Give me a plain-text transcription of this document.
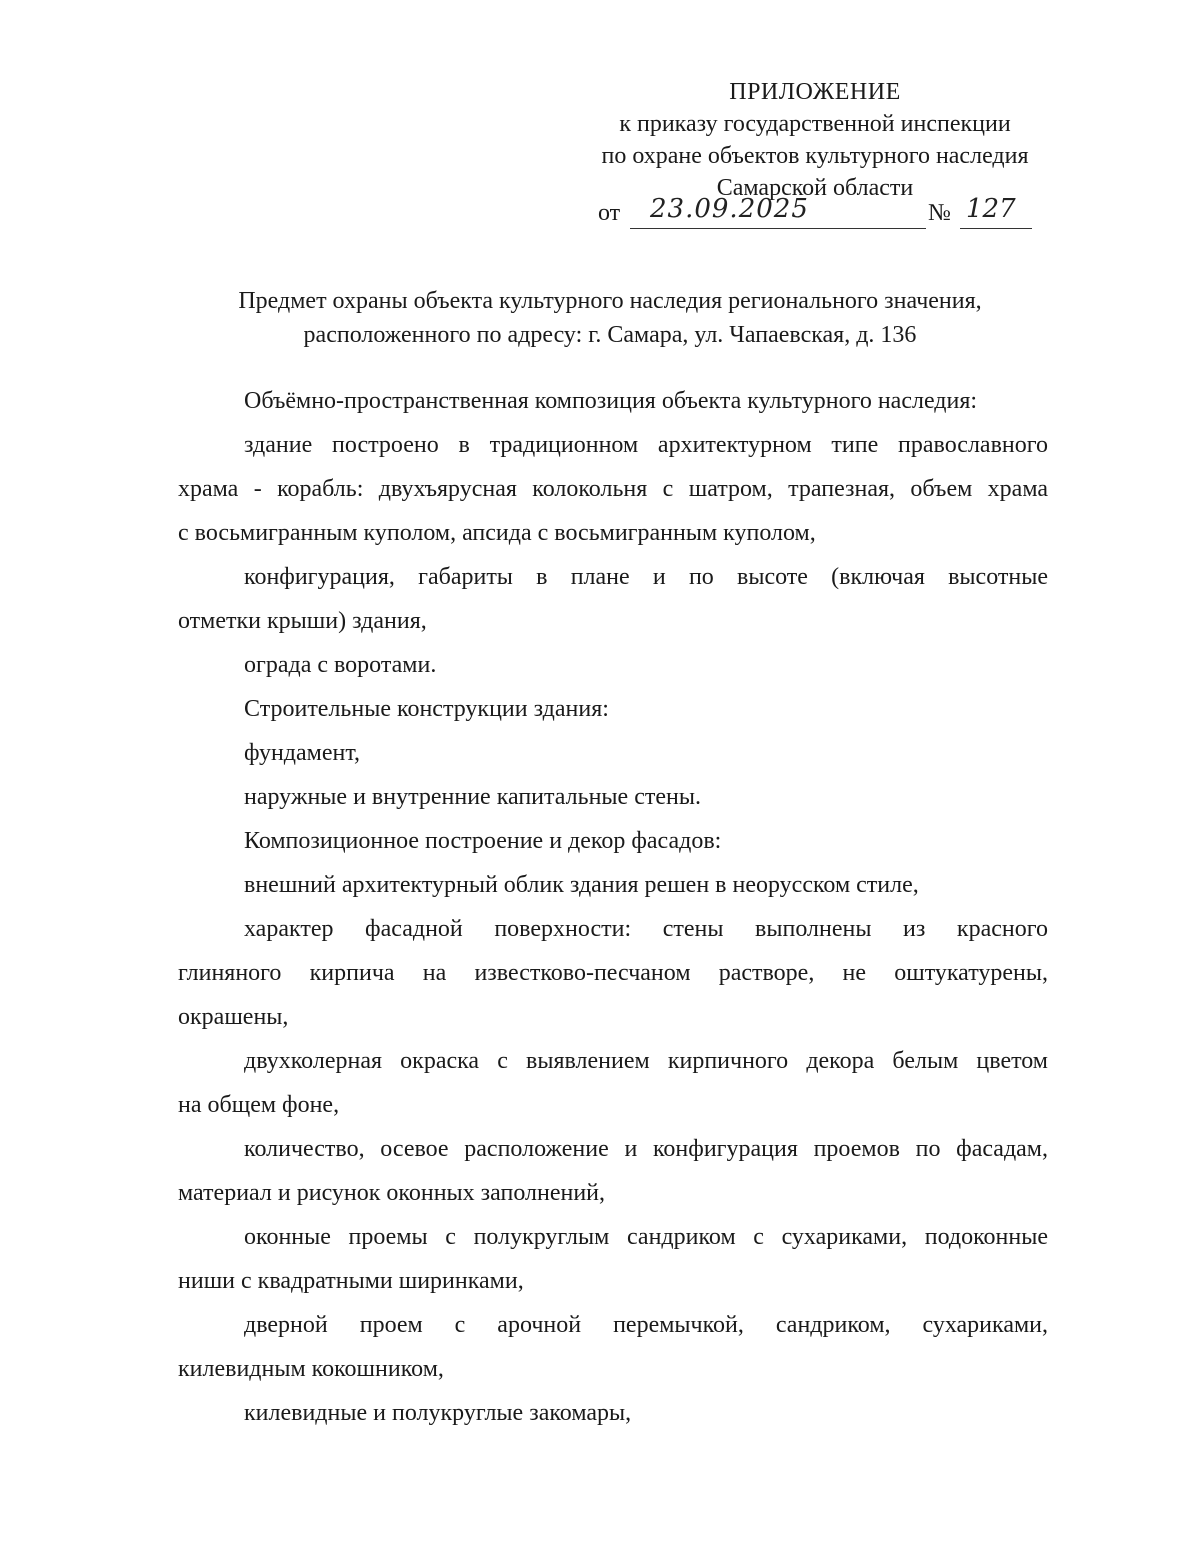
ПРИЛОЖЕНИЕ
к приказу государственной инспекции
по охране объектов культурного наследия
Самарской области
от 23.09.2025	№ 127
Предмет охраны объекта культурного наследия регионального значения,
расположенного по адресу: г. Самара, ул. Чапаевская, д. 136
Объёмно-пространственная композиция объекта культурного наследия:
здание построено в традиционном архитектурном типе православного
храма - корабль: двухъярусная колокольня с шатром, трапезная, объем храма
с восьмигранным куполом, апсида с восьмигранным куполом,
конфигурация, габариты в плане и по высоте (включая высотные
отметки крыши) здания,
ограда с воротами.
Строительные конструкции здания:
фундамент,
наружные и внутренние капитальные стены.
Композиционное построение и декор фасадов:
внешний архитектурный облик здания решен в неорусском стиле,
характер фасадной поверхности: стены выполнены из красного
глиняного кирпича на известково-песчаном растворе, не оштукатурены,
окрашены,
двухколерная окраска с выявлением кирпичного декора белым цветом
на общем фоне,
количество, осевое расположение и конфигурация проемов по фасадам,
материал и рисунок оконных заполнений,
оконные проемы с полукруглым сандриком с сухариками, подоконные
ниши с квадратными ширинками,
дверной проем с арочной перемычкой, сандриком, сухариками,
килевидным кокошником,
килевидные и полукруглые закомары,
